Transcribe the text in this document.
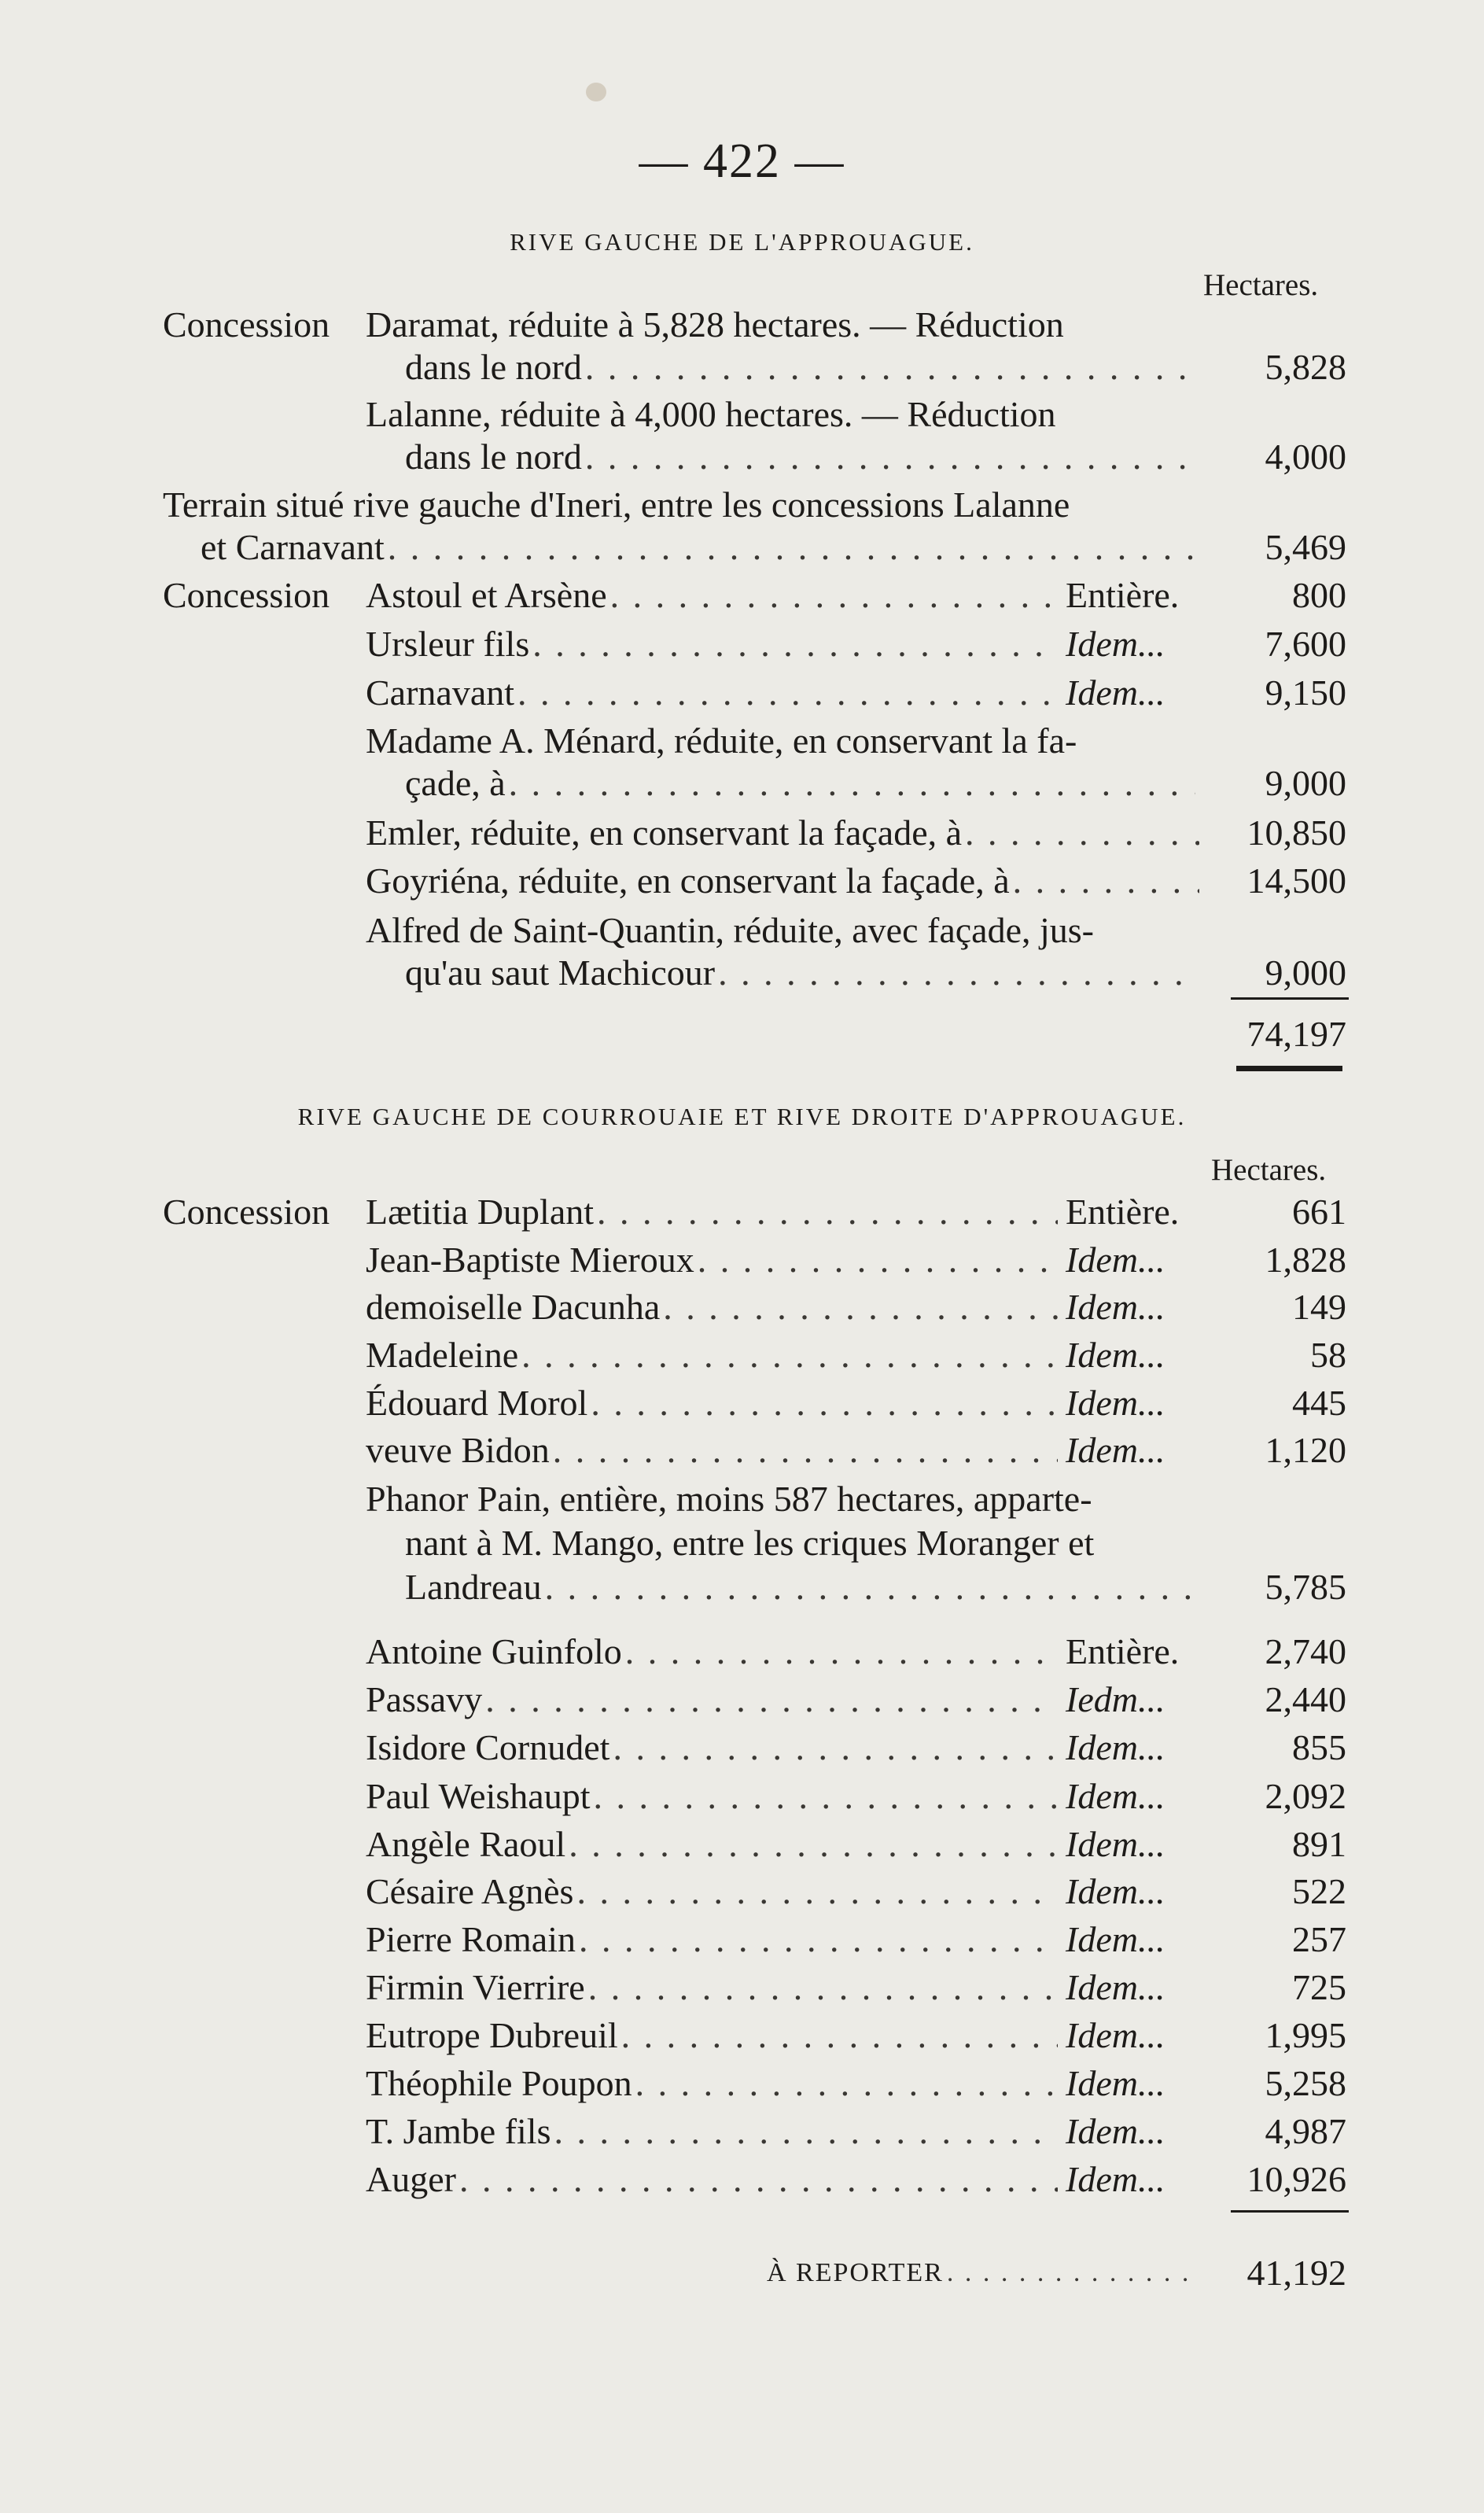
— 422 —
RIVE GAUCHE DE L'APPROUAGUE.
Hectares.
Concession Daramat, réduite à 5,828 hectares. — Réduction
dans le nord . . .	5,828
Lalanne, réduite à 4,000 hectares. — Réduction
dans le nord . . .	4,000
Terrain situé rive gauche d'Ineri, entre les concessions Lalanne
et Carnavant . . .	5,469
Concession Astoul et Arsène . . .	Entière.	800
Ursleur fils . . .	Idem...	7,600
Carnavant . . .	Idem...	9,150
Madame A. Ménard, réduite, en conservant la fa-
çade, à . . .	9,000
Emler, réduite, en conservant la façade, à . . .	10,850
Goyriéna, réduite, en conservant la façade, à . . .	14,500
Alfred de Saint-Quantin, réduite, avec façade, jus-
qu'au saut Machicour . . .	9,000
74,197
RIVE GAUCHE DE COURROUAIE ET RIVE DROITE D'APPROUAGUE.
Hectares.
Concession Lætitia Duplant . . .	Entière.	661
Jean-Baptiste Mieroux . . .	Idem...	1,828
demoiselle Dacunha . . .	Idem...	149
Madeleine . . .	Idem...	58
Édouard Morol . . .	Idem...	445
veuve Bidon . . .	Idem...	1,120
Phanor Pain, entière, moins 587 hectares, apparte-
nant à M. Mango, entre les criques Moranger et
Landreau . . .	5,785
Antoine Guinfolo . . .	Entière.	2,740
Passavy . . .	Iedm...	2,440
Isidore Cornudet . . .	Idem...	855
Paul Weishaupt . . .	Idem...	2,092
Angèle Raoul . . .	Idem...	891
Césaire Agnès . . .	Idem...	522
Pierre Romain . . .	Idem...	257
Firmin Vierrire . . .	Idem...	725
Eutrope Dubreuil . . .	Idem...	1,995
Théophile Poupon . . .	Idem...	5,258
T. Jambe fils . . .	Idem...	4,987
Auger . . .	Idem...	10,926
À REPORTER . . .	41,192
